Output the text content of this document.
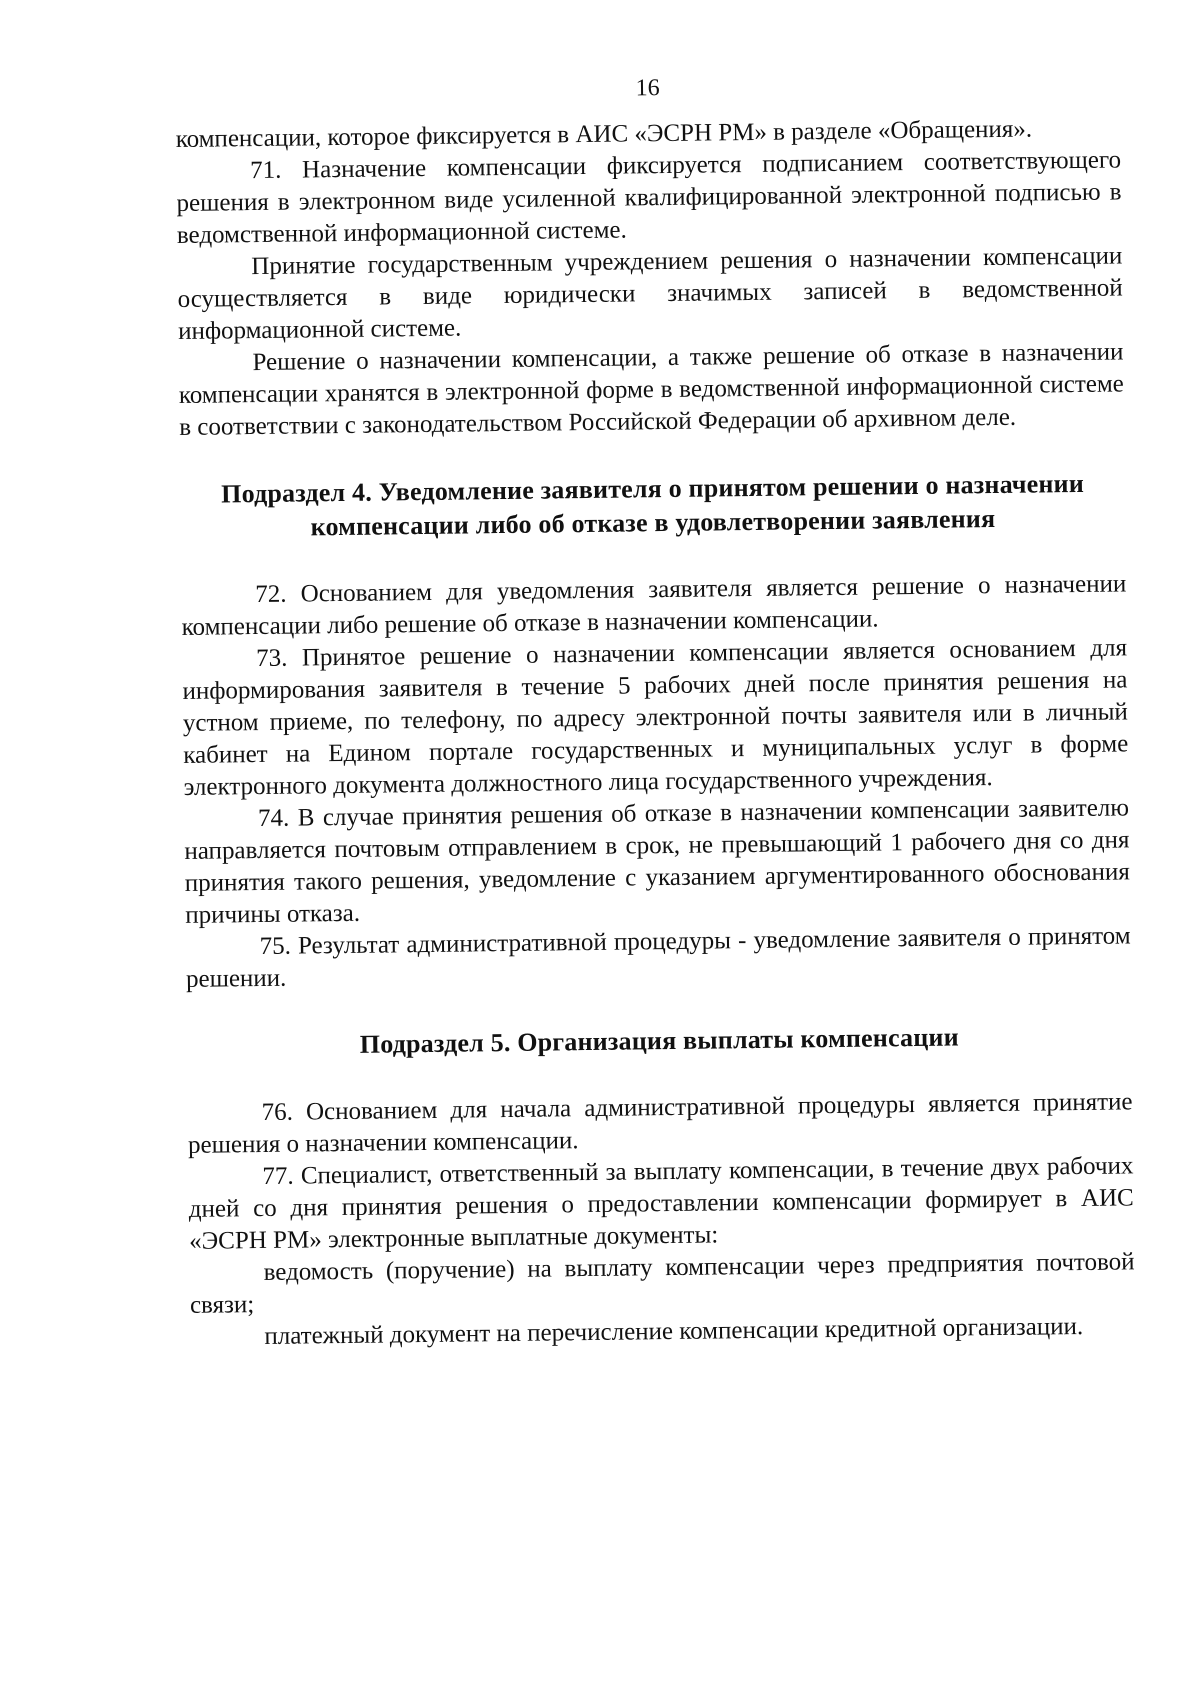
16

компенсации, которое фиксируется в АИС «ЭСРН РМ» в разделе «Обращения».

71. Назначение компенсации фиксируется подписанием соответствующего решения в электронном виде усиленной квалифицированной электронной подписью в ведомственной информационной системе.

Принятие государственным учреждением решения о назначении компенсации осуществляется в виде юридически значимых записей в ведомственной информационной системе.

Решение о назначении компенсации, а также решение об отказе в назначении компенсации хранятся в электронной форме в ведомственной информационной системе в соответствии с законодательством Российской Федерации об архивном деле.

Подраздел 4. Уведомление заявителя о принятом решении о назначении компенсации либо об отказе в удовлетворении заявления

72. Основанием для уведомления заявителя является решение о назначении компенсации либо решение об отказе в назначении компенсации.

73. Принятое решение о назначении компенсации является основанием для информирования заявителя в течение 5 рабочих дней после принятия решения на устном приеме, по телефону, по адресу электронной почты заявителя или в личный кабинет на Едином портале государственных и муниципальных услуг в форме электронного документа должностного лица государственного учреждения.

74. В случае принятия решения об отказе в назначении компенсации заявителю направляется почтовым отправлением в срок, не превышающий 1 рабочего дня со дня принятия такого решения, уведомление с указанием аргументированного обоснования причины отказа.

75. Результат административной процедуры - уведомление заявителя о принятом решении.

Подраздел 5. Организация выплаты компенсации

76. Основанием для начала административной процедуры является принятие решения о назначении компенсации.

77. Специалист, ответственный за выплату компенсации, в течение двух рабочих дней со дня принятия решения о предоставлении компенсации формирует в АИС «ЭСРН РМ» электронные выплатные документы:

ведомость (поручение) на выплату компенсации через предприятия почтовой связи;

платежный документ на перечисление компенсации кредитной организации.
